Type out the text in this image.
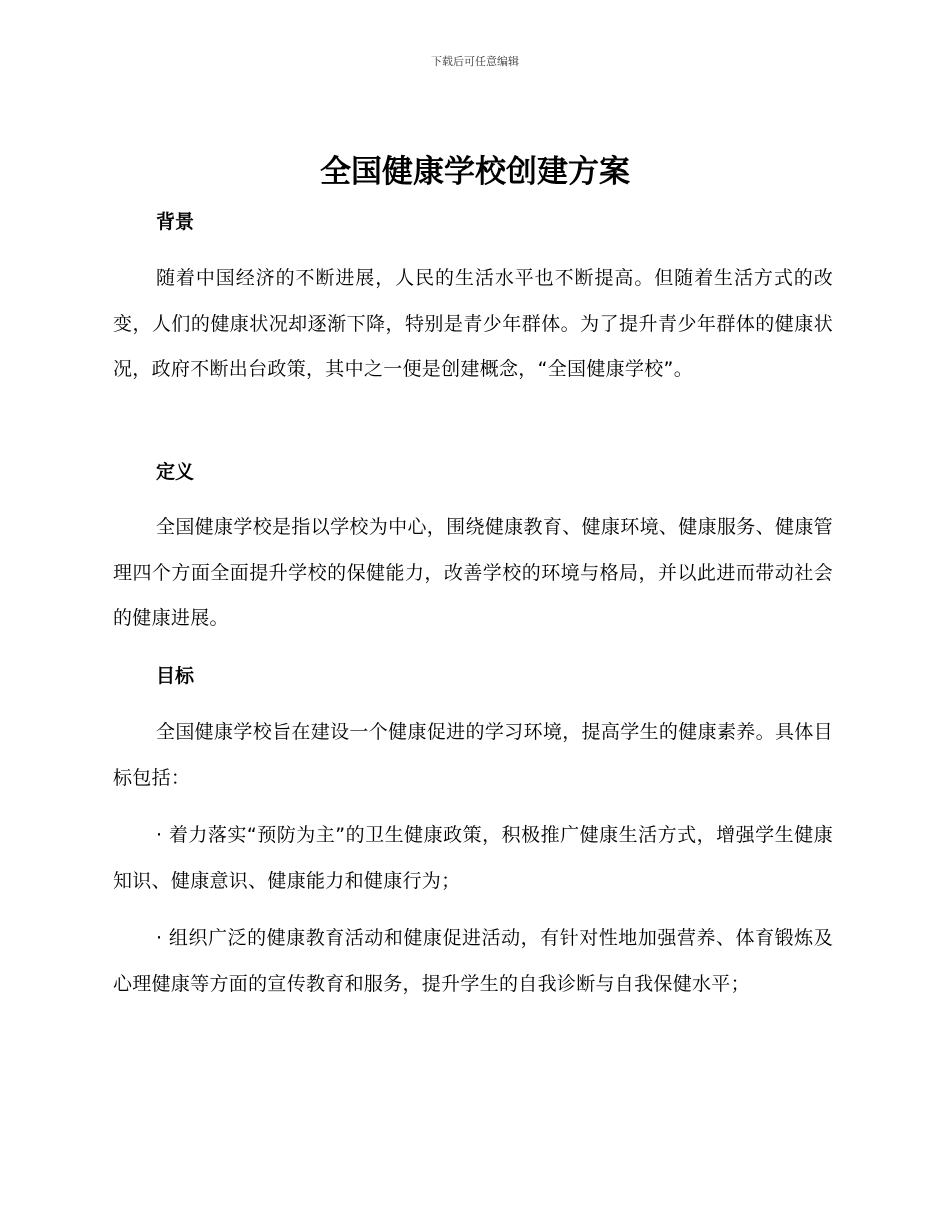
下载后可任意编辑
全国健康学校创建方案
背景

随着中国经济的不断进展，人民的生活水平也不断提高。但随着生活方式的改变，人们的健康状况却逐渐下降，特别是青少年群体。为了提升青少年群体的健康状况，政府不断出台政策，其中之一便是创建概念，“全国健康学校”。

定义

全国健康学校是指以学校为中心，围绕健康教育、健康环境、健康服务、健康管理四个方面全面提升学校的保健能力，改善学校的环境与格局，并以此进而带动社会的健康进展。

目标

全国健康学校旨在建设一个健康促进的学习环境，提高学生的健康素养。具体目标包括：

· 着力落实“预防为主”的卫生健康政策，积极推广健康生活方式，增强学生健康知识、健康意识、健康能力和健康行为；

· 组织广泛的健康教育活动和健康促进活动，有针对性地加强营养、体育锻炼及心理健康等方面的宣传教育和服务，提升学生的自我诊断与自我保健水平；
